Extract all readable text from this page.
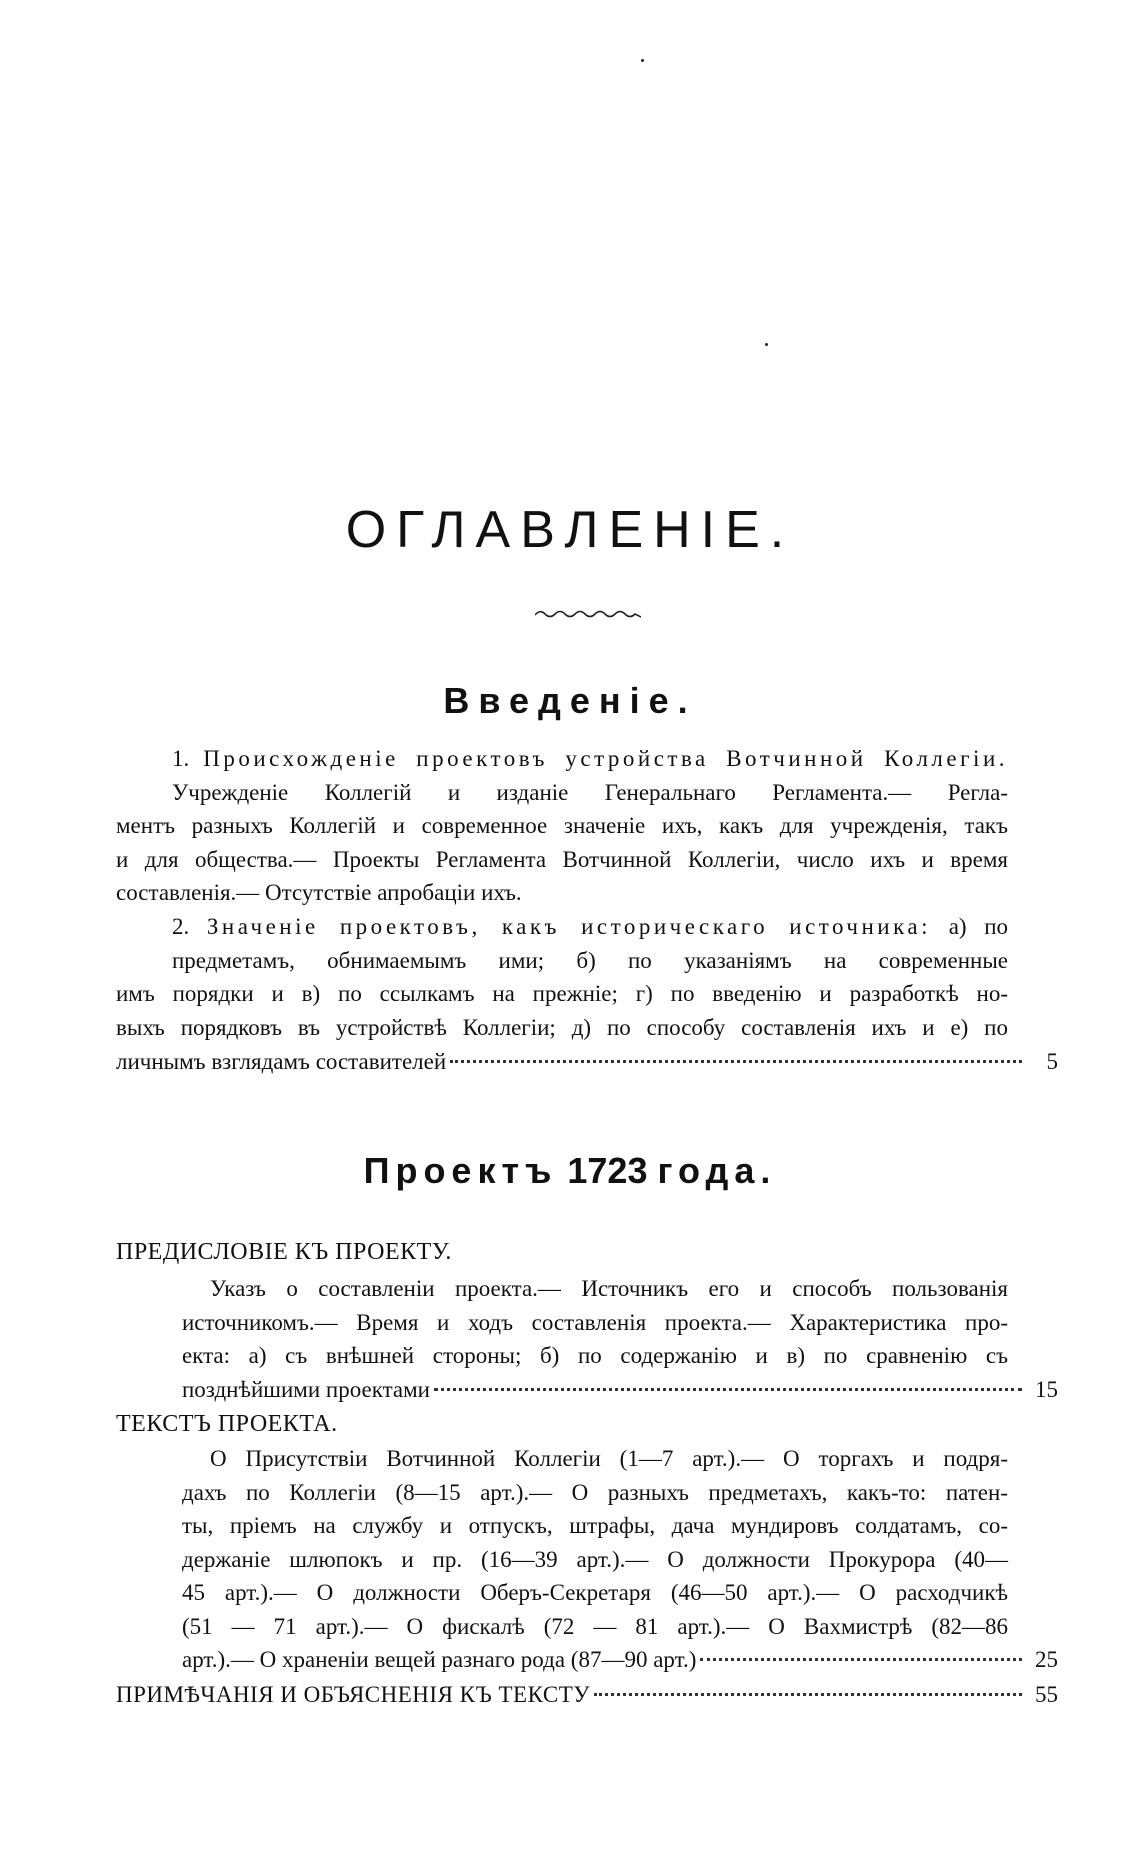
ОГЛАВЛЕНІЕ.
Введеніе.
1. Происхожденіе проектовъ устройства Вотчинной Коллегіи. Учрежденіе Коллегій и изданіе Генеральнаго Регламента.— Регла-
ментъ разныхъ Коллегій и современное значеніе ихъ, какъ для учрежденія, такъ
и для общества.— Проекты Регламента Вотчинной Коллегіи, число ихъ и время
составленія.— Отсутствіе апробаціи ихъ.
2. Значеніе проектовъ, какъ историческаго источника: а) по предметамъ, обнимаемымъ ими; б) по указаніямъ на современные
имъ порядки и в) по ссылкамъ на прежніе; г) по введенію и разработкѣ но-
выхъ порядковъ въ устройствѣ Коллегіи; д) по способу составленія ихъ и е) по
личнымъ взглядамъ составителей	5
Проектъ 1723 года.
ПРЕДИСЛОВІЕ КЪ ПРОЕКТУ.
Указъ о составленіи проекта.— Источникъ его и способъ пользованія
источникомъ.— Время и ходъ составленія проекта.— Характеристика про-
екта: а) съ внѣшней стороны; б) по содержанію и в) по сравненію съ
позднѣйшими проектами	15
ТЕКСТЪ ПРОЕКТА.
О Присутствіи Вотчинной Коллегіи (1—7 арт.).— О торгахъ и подря-
дахъ по Коллегіи (8—15 арт.).— О разныхъ предметахъ, какъ-то: патен-
ты, пріемъ на службу и отпускъ, штрафы, дача мундировъ солдатамъ, со-
держаніе шлюпокъ и пр. (16—39 арт.).— О должности Прокурора (40—
45 арт.).— О должности Оберъ-Секретаря (46—50 арт.).— О расходчикѣ
(51 — 71 арт.).— О фискалѣ (72 — 81 арт.).— О Вахмистрѣ (82—86
арт.).— О храненіи вещей разнаго рода (87—90 арт.)	25
ПРИМѢЧАНІЯ И ОБЪЯСНЕНІЯ КЪ ТЕКСТУ	55
